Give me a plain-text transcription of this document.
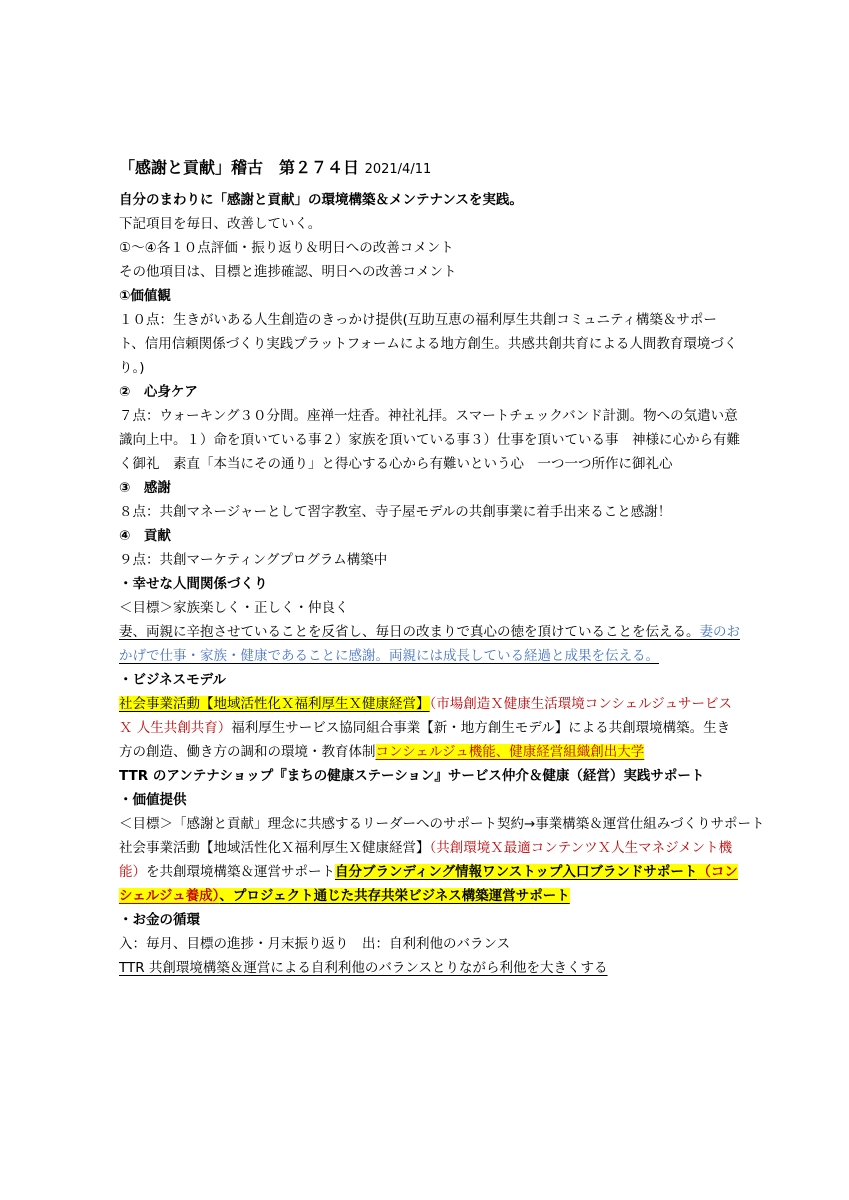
「感謝と貢献」稽古　第２７４日 2021/4/11
自分のまわりに「感謝と貢献」の環境構築＆メンテナンスを実践。
下記項目を毎日、改善していく。
①～④各１０点評価・振り返り＆明日への改善コメント
その他項目は、目標と進捗確認、明日への改善コメント
①価値観
１０点：生きがいある人生創造のきっかけ提供(互助互恵の福利厚生共創コミュニティ構築＆サポート、信用信頼関係づくり実践プラットフォームによる地方創生。共感共創共育による人間教育環境づくり。)
②　心身ケア
７点：ウォーキング３０分間。座禅一炷香。神社礼拝。スマートチェックバンド計測。物への気遣い意識向上中。１）命を頂いている事２）家族を頂いている事３）仕事を頂いている事　神様に心から有難く御礼　素直「本当にその通り」と得心する心から有難いという心　一つ一つ所作に御礼心
③　感謝
８点：共創マネージャーとして習字教室、寺子屋モデルの共創事業に着手出来ること感謝！
④　貢献
９点：共創マーケティングプログラム構築中
・幸せな人間関係づくり
＜目標＞家族楽しく・正しく・仲良く
妻、両親に辛抱させていることを反省し、毎日の改まりで真心の徳を頂けていることを伝える。妻のおかげで仕事・家族・健康であることに感謝。両親には成長している経過と成果を伝える。
・ビジネスモデル
社会事業活動【地域活性化Ｘ福利厚生Ｘ健康経営】（市場創造Ｘ健康生活環境コンシェルジュサービス Ｘ 人生共創共育）福利厚生サービス協同組合事業【新・地方創生モデル】による共創環境構築。生き方の創造、働き方の調和の環境・教育体制コンシェルジュ機能、健康経営組織創出大学
TTR のアンテナショップ『まちの健康ステーション』サービス仲介＆健康（経営）実践サポート
・価値提供
＜目標＞「感謝と貢献」理念に共感するリーダーへのサポート契約→事業構築＆運営仕組みづくりサポート
社会事業活動【地域活性化Ｘ福利厚生Ｘ健康経営】（共創環境Ｘ最適コンテンツＸ人生マネジメント機能）を共創環境構築＆運営サポート自分ブランディング情報ワンストップ入口ブランドサポート（コンシェルジュ養成）、プロジェクト通じた共存共栄ビジネス構築運営サポート
・お金の循環
入：毎月、目標の進捗・月末振り返り　出：自利利他のバランス
TTR 共創環境構築＆運営による自利利他のバランスとりながら利他を大きくする
